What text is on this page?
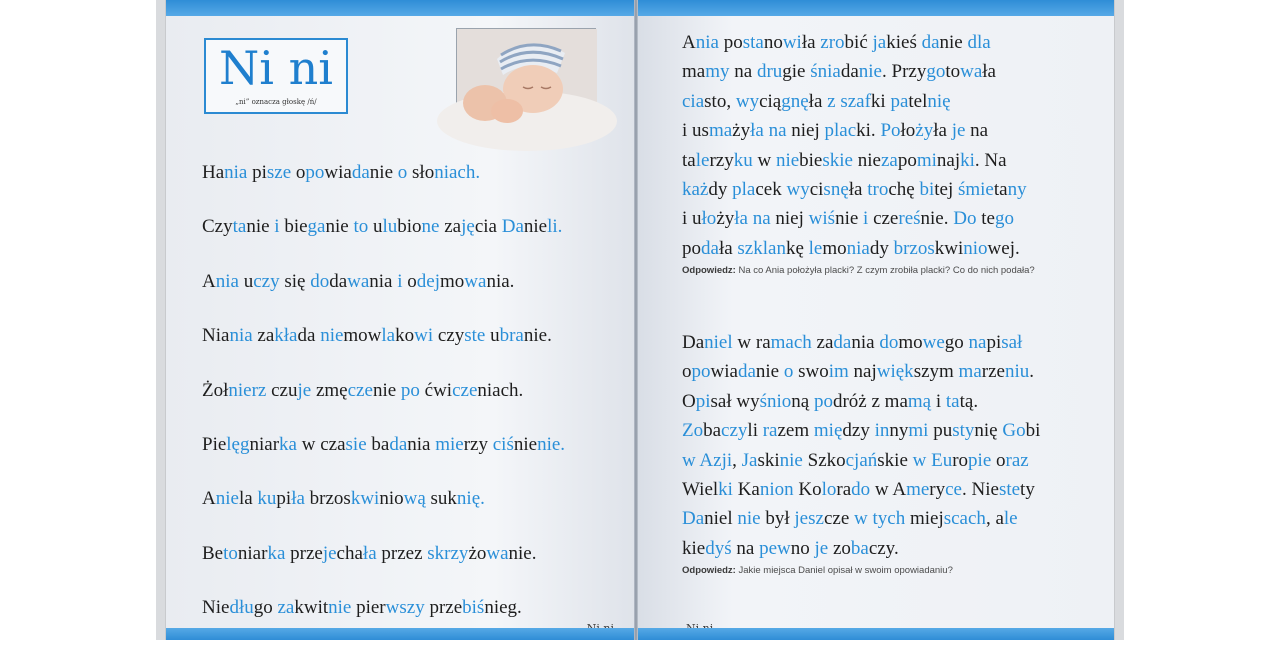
Ni ni
„ni” oznacza głoskę /ń/
Hania pisze opowiadanie o słoniach.
Czytanie i bieganie to ulubione zajęcia Danieli.
Ania uczy się dodawania i odejmowania.
Niania zakłada niemowlakowi czyste ubranie.
Żołnierz czuje zmęczenie po ćwiczeniach.
Pielęgniarka w czasie badania mierzy ciśnienie.
Aniela kupiła brzoskwiniową suknię.
Betoniarka przejechała przez skrzyżowanie.
Niedługo zakwitnie pierwszy przebiśnieg.
Ania postanowiła zrobić jakieś danie dla
mamy na drugie śniadanie. Przygotowała
ciasto, wyciągnęła z szafki patelnię
i usmażyła na niej placki. Położyła je na
talerzyku w niebieskie niezapominajki. Na
każdy placek wycisnęła trochę bitej śmietany
i ułożyła na niej wiśnie i czereśnie. Do tego
podała szklankę lemoniady brzoskwiniowej.
Odpowiedz: Na co Ania położyła placki? Z czym zrobiła placki? Co do nich podała?
Daniel w ramach zadania domowego napisał
opowiadanie o swoim największym marzeniu.
Opisał wyśnioną podróż z mamą i tatą.
Zobaczyli razem między innymi pustynię Gobi
w Azji, Jaskinie Szkocjańskie w Europie oraz
Wielki Kanion Kolorado w Ameryce. Niestety
Daniel nie był jeszcze w tych miejscach, ale
kiedyś na pewno je zobaczy.
Odpowiedz: Jakie miejsca Daniel opisał w swoim opowiadaniu?
